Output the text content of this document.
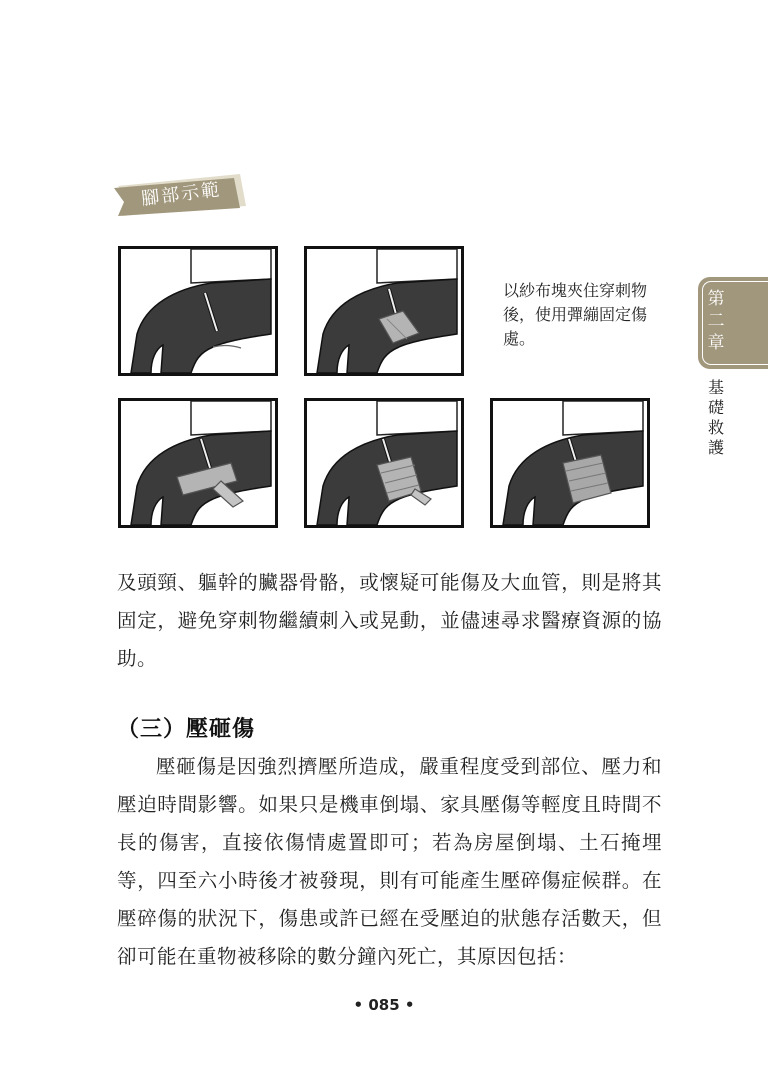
腳部示範

以紗布塊夾住穿刺物後，使用彈繃固定傷處。

第二章
基礎救護

及頭頸、軀幹的臟器骨骼，或懷疑可能傷及大血管，則是將其固定，避免穿刺物繼續刺入或晃動，並儘速尋求醫療資源的協助。

（三）壓砸傷

壓砸傷是因強烈擠壓所造成，嚴重程度受到部位、壓力和壓迫時間影響。如果只是機車倒塌、家具壓傷等輕度且時間不長的傷害，直接依傷情處置即可；若為房屋倒塌、土石掩埋等，四至六小時後才被發現，則有可能產生壓碎傷症候群。在壓碎傷的狀況下，傷患或許已經在受壓迫的狀態存活數天，但卻可能在重物被移除的數分鐘內死亡，其原因包括：

• 085 •
